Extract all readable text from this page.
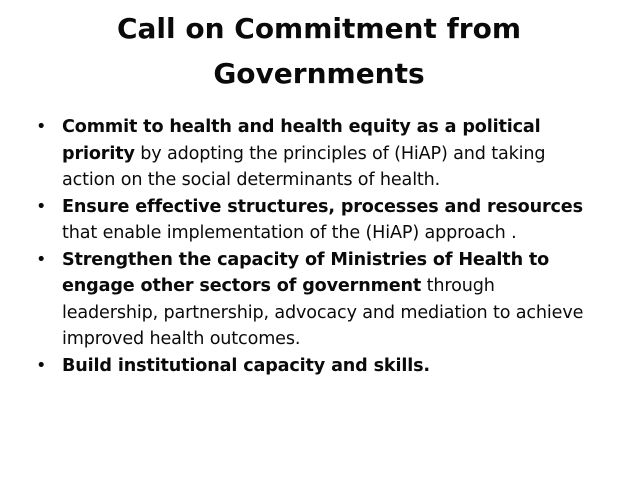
Call on Commitment from
Governments
• Commit to health and health equity as a political priority by adopting the principles of (HiAP) and taking action on the social determinants of health.
• Ensure effective structures, processes and resources that enable implementation of the (HiAP) approach .
• Strengthen the capacity of Ministries of Health to engage other sectors of government through leadership, partnership, advocacy and mediation to achieve improved health outcomes.
• Build institutional capacity and skills.
